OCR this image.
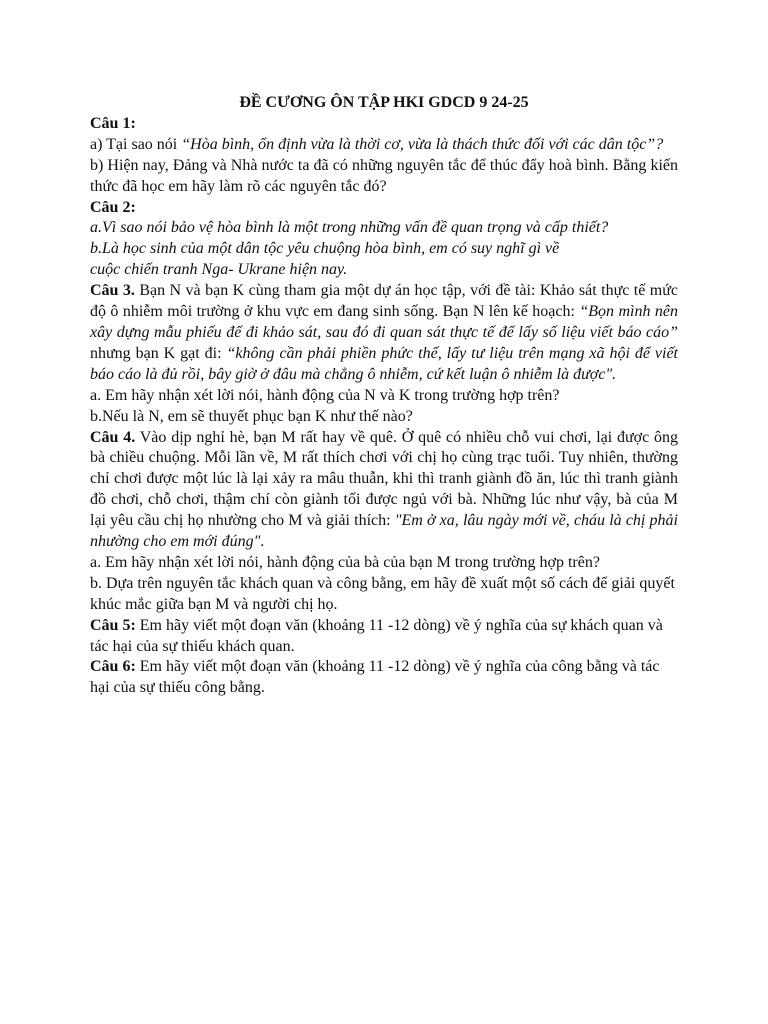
ĐỀ CƯƠNG ÔN TẬP HKI GDCD 9 24-25

Câu 1:

a) Tại sao nói “Hòa bình, ổn định vừa là thời cơ, vừa là thách thức đối với các dân tộc”?

b) Hiện nay, Đảng và Nhà nước ta đã có những nguyên tắc để thúc đẩy hoà bình. Bằng kiến thức đã học em hãy làm rõ các nguyên tắc đó?

Câu 2:

a.Vì sao nói bảo vệ hòa bình là một trong những vấn đề quan trọng và cấp thiết?

b.Là học sinh của một dân tộc yêu chuộng hòa bình, em có suy nghĩ gì về

cuộc chiến tranh Nga- Ukrane hiện nay.

Câu 3. Bạn N và bạn K cùng tham gia một dự án học tập, với đề tài: Khảo sát thực tế mức độ ô nhiễm môi trường ở khu vực em đang sinh sống. Bạn N lên kế hoạch: “Bọn mình nên xây dựng mẫu phiếu để đi khảo sát, sau đó đi quan sát thực tế để lấy số liệu viết báo cáo” nhưng bạn K gạt đi: “không cần phải phiền phức thế, lấy tư liệu trên mạng xã hội để viết báo cáo là đủ rồi, bây giờ ở đâu mà chẳng ô nhiễm, cứ kết luận ô nhiễm là được".

a. Em hãy nhận xét lời nói, hành động của N và K trong trường hợp trên?

b.Nếu là N, em sẽ thuyết phục bạn K như thế nào?

Câu 4. Vào dịp nghỉ hè, bạn M rất hay về quê. Ở quê có nhiều chỗ vui chơi, lại được ông bà chiều chuộng. Mỗi lần về, M rất thích chơi với chị họ cùng trạc tuổi. Tuy nhiên, thường chỉ chơi được một lúc là lại xảy ra mâu thuẫn, khi thì tranh giành đồ ăn, lúc thì tranh giành đồ chơi, chỗ chơi, thậm chí còn giành tối được ngủ với bà. Những lúc như vậy, bà của M lại yêu cầu chị họ nhường cho M và giải thích: "Em ở xa, lâu ngày mới về, cháu là chị phải nhường cho em mới đúng".

a. Em hãy nhận xét lời nói, hành động của bà của bạn M trong trường hợp trên?

b. Dựa trên nguyên tắc khách quan và công bằng, em hãy đề xuất một số cách để giải quyết khúc mắc giữa bạn M và người chị họ.

Câu 5: Em hãy viết một đoạn văn (khoảng 11 -12 dòng) về ý nghĩa của sự khách quan và tác hại của sự thiếu khách quan.

Câu 6: Em hãy viết một đoạn văn (khoảng 11 -12 dòng) về ý nghĩa của công bằng và tác hại của sự thiếu công bằng.
